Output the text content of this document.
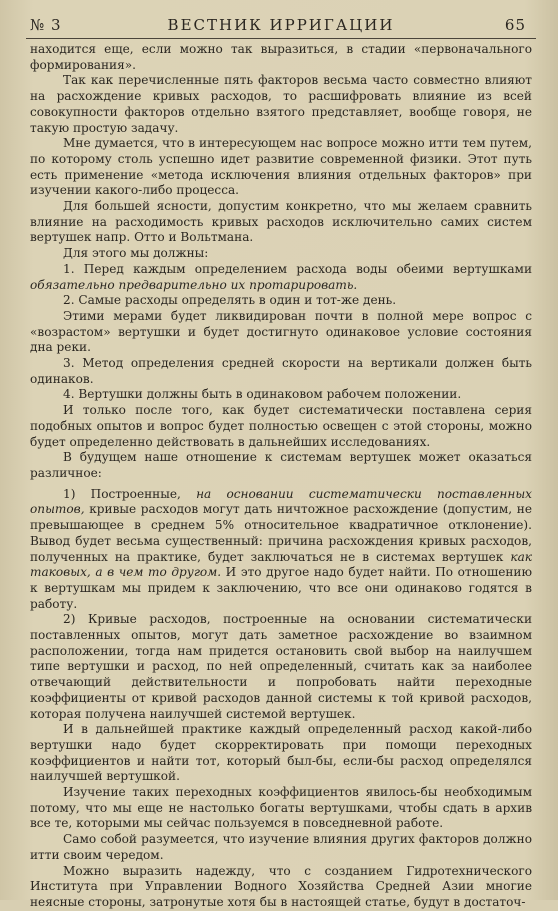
№ 3	ВЕСТНИК ИРРИГАЦИИ	65

находится еще, если можно так выразиться, в стадии «первоначального формирования».

Так как перечисленные пять факторов весьма часто совместно влияют на расхождение кривых расходов, то расшифровать влияние из всей совокупности факторов отдельно взятого представляет, вообще говоря, не такую простую задачу.

Мне думается, что в интересующем нас вопросе можно итти тем путем, по которому столь успешно идет развитие современной физики. Этот путь есть применение «метода исключения влияния отдельных факторов» при изучении какого-либо процесса.

Для большей ясности, допустим конкретно, что мы желаем сравнить влияние на расходимость кривых расходов исключительно самих систем вертушек напр. Отто и Вольтмана.

Для этого мы должны:

1. Перед каждым определением расхода воды обеими вертушками обязательно предварительно их протарировать.

2. Самые расходы определять в один и тот-же день.

Этими мерами будет ликвидирован почти в полной мере вопрос с «возрастом» вертушки и будет достигнуто одинаковое условие состояния дна реки.

3. Метод определения средней скорости на вертикали должен быть одинаков.

4. Вертушки должны быть в одинаковом рабочем положении.

И только после того, как будет систематически поставлена серия подобных опытов и вопрос будет полностью освещен с этой стороны, можно будет определенно действовать в дальнейших исследованиях.

В будущем наше отношение к системам вертушек может оказаться различное:

1) Построенные, на основании систематически поставленных опытов, кривые расходов могут дать ничтожное расхождение (допустим, не превышающее в среднем 5% относительное квадратичное отклонение). Вывод будет весьма существенный: причина расхождения кривых расходов, полученных на практике, будет заключаться не в системах вертушек как таковых, а в чем то другом. И это другое надо будет найти. По отношению к вертушкам мы придем к заключению, что все они одинаково годятся в работу.

2) Кривые расходов, построенные на основании систематически поставленных опытов, могут дать заметное расхождение во взаимном расположении, тогда нам придется остановить свой выбор на наилучшем типе вертушки и расход, по ней определенный, считать как за наиболее отвечающий действительности и попробовать найти переходные коэффициенты от кривой расходов данной системы к той кривой расходов, которая получена наилучшей системой вертушек.

И в дальнейшей практике каждый определенный расход какой-либо вертушки надо будет скорректировать при помощи переходных коэффициентов и найти тот, который был-бы, если-бы расход определялся наилучшей вертушкой.

Изучение таких переходных коэффициентов явилось-бы необходимым потому, что мы еще не настолько богаты вертушками, чтобы сдать в архив все те, которыми мы сейчас пользуемся в повседневной работе.

Само собой разумеется, что изучение влияния других факторов должно итти своим чередом.

Можно выразить надежду, что с созданием Гидротехнического Института при Управлении Водного Хозяйства Средней Азии многие неясные стороны, затронутые хотя бы в настоящей статье, будут в достаточ-
